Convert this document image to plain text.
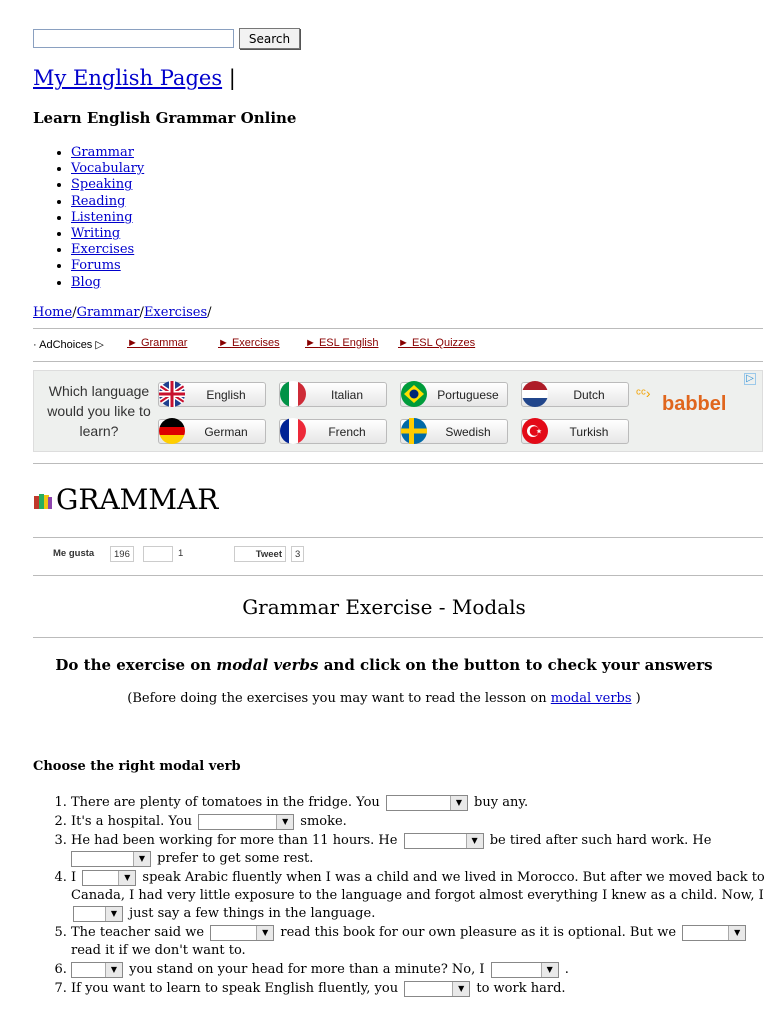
Search
My English Pages |
Learn English Grammar Online
• Grammar
• Vocabulary
• Speaking
• Reading
• Listening
• Writing
• Exercises
• Forums
• Blog
Home/Grammar/Exercises/
· AdChoices ▷ ► Grammar	► Exercises ► ESL English ► ESL Quizzes
Which language would you like to learn?
English	Italian	Portuguese	Dutch
German	French	Swedish	Turkish
ᶜᶜ› babbel
▷
GRAMMAR
Me gusta	196	1	Tweet	3
Grammar Exercise - Modals
Do the exercise on modal verbs and click on the button to check your answers
(Before doing the exercises you may want to read the lesson on modal verbs )
Choose the right modal verb
1. There are plenty of tomatoes in the fridge. You	▼ buy any.
2. It's a hospital. You	▼ smoke.
3. He had been working for more than 11 hours. He	▼ be tired after such hard work. He

▼ prefer to get some rest.
4. I	▼ speak Arabic fluently when I was a child and we lived in Morocco. But after we moved back to Canada, I had very little exposure to the language and forgot almost everything I knew as a child. Now, I
▼ just say a few things in the language.
5. The teacher said we	▼ read this book for our own pleasure as it is optional. But we	▼

read it if we don't want to.
6. ▼ you stand on your head for more than a minute? No, I	▼ .
7. If you want to learn to speak English fluently, you	▼ to work hard.
